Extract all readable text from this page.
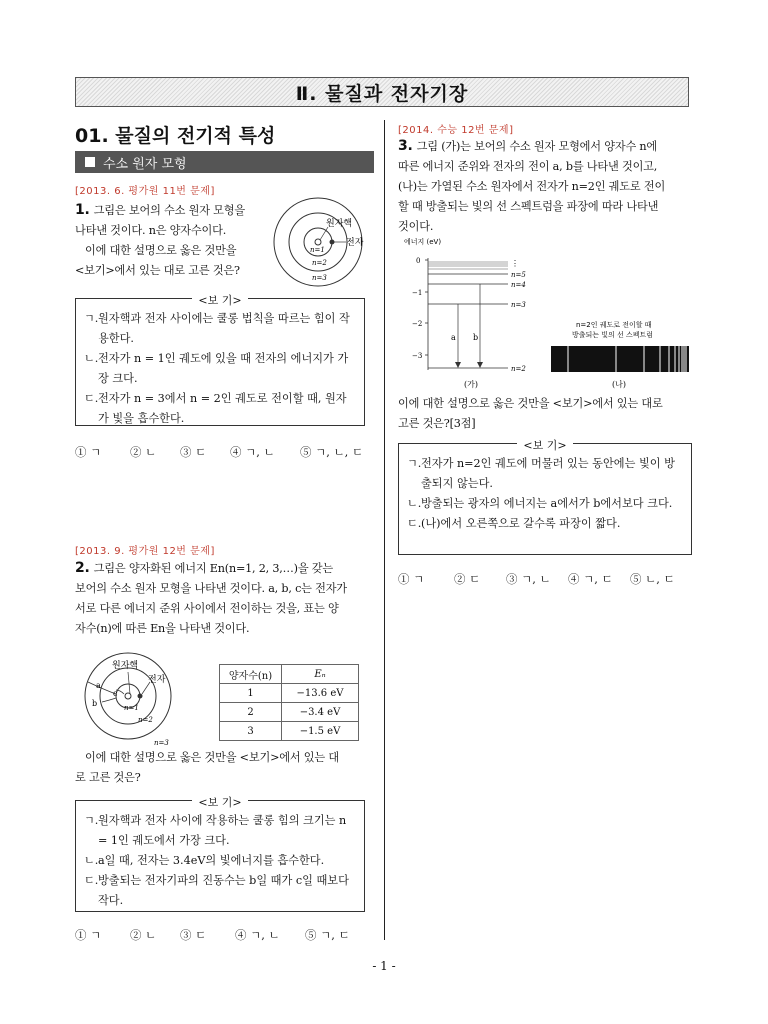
Ⅱ. 물질과 전자기장
01. 물질의 전기적 특성
수소 원자 모형
[2013. 6. 평가원 11번 문제]
1. 그림은 보어의 수소 원자 모형을
나타낸 것이다. n은 양자수이다.
이에 대한 설명으로 옳은 것만을
<보기>에서 있는 대로 고른 것은?
원자핵
전자
n=1
n=2
n=3
<보 기>
ㄱ. 원자핵과 전자 사이에는 쿨롱 법칙을 따르는 힘이 작용한다.
ㄴ. 전자가 n = 1인 궤도에 있을 때 전자의 에너지가 가장 크다.
ㄷ. 전자가 n = 3에서 n = 2인 궤도로 전이할 때, 원자가 빛을 흡수한다.
① ㄱ	② ㄴ	③ ㄷ	④ ㄱ, ㄴ	⑤ ㄱ, ㄴ, ㄷ
[2013. 9. 평가원 12번 문제]
2. 그림은 양자화된 에너지 En(n=1, 2, 3,…)을 갖는
보어의 수소 원자 모형을 나타낸 것이다. a, b, c는 전자가
서로 다른 에너지 준위 사이에서 전이하는 것을, 표는 양
자수(n)에 따른 En을 나타낸 것이다.
원자핵
전자
a
b
c
n=1
n=2
n=3
양자수(n)	Eₙ
1	−13.6 eV
2	−3.4 eV
3	−1.5 eV
이에 대한 설명으로 옳은 것만을 <보기>에서 있는 대
로 고른 것은?
<보 기>
ㄱ. 원자핵과 전자 사이에 작용하는 쿨롱 힘의 크기는 n = 1인 궤도에서 가장 크다.
ㄴ. a일 때, 전자는 3.4eV의 빛에너지를 흡수한다.
ㄷ. 방출되는 전자기파의 진동수는 b일 때가 c일 때보다 작다.
① ㄱ	② ㄴ	③ ㄷ	④ ㄱ, ㄴ	⑤ ㄱ, ㄷ
[2014. 수능 12번 문제]
3. 그림 (가)는 보어의 수소 원자 모형에서 양자수 n에
따른 에너지 준위와 전자의 전이 a, b를 나타낸 것이고,
(나)는 가열된 수소 원자에서 전자가 n=2인 궤도로 전이
할 때 방출되는 빛의 선 스펙트럼을 파장에 따라 나타낸
것이다.
에너지 (eV)
0
−1
−2
−3
⋮
n=5
n=4
n=3
n=2
a b
(가)
n=2인 궤도로 전이할 때
방출되는 빛의 선 스펙트럼
(나)
이에 대한 설명으로 옳은 것만을 <보기>에서 있는 대로
고른 것은?[3점]
<보 기>
ㄱ. 전자가 n=2인 궤도에 머물러 있는 동안에는 빛이 방출되지 않는다.
ㄴ. 방출되는 광자의 에너지는 a에서가 b에서보다 크다.
ㄷ. (나)에서 오른쪽으로 갈수록 파장이 짧다.
① ㄱ	② ㄷ	③ ㄱ, ㄴ	④ ㄱ, ㄷ	⑤ ㄴ, ㄷ
- 1 -
